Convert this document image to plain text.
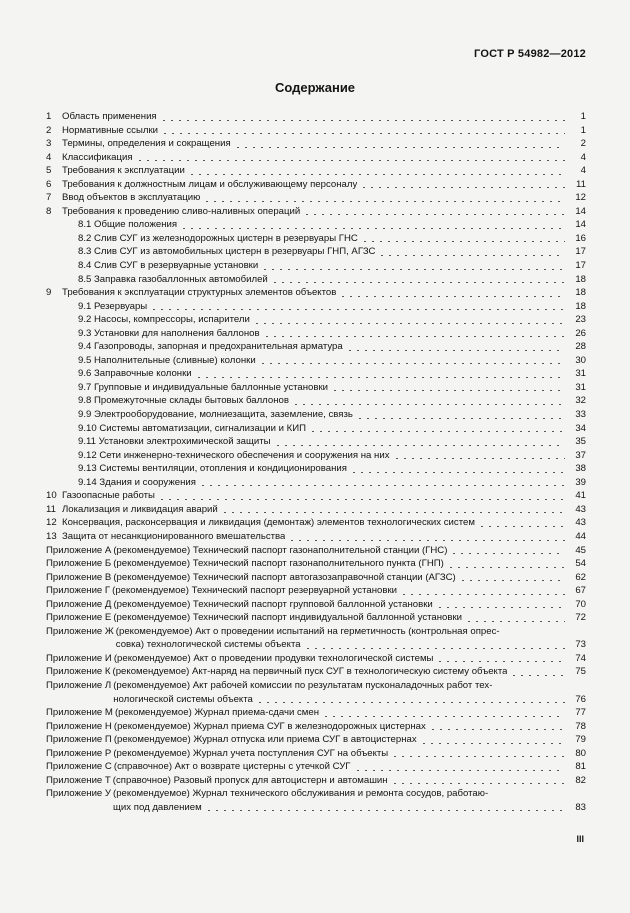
ГОСТ Р 54982—2012
Содержание
1	Область применения	1
2	Нормативные ссылки	1
3	Термины, определения и сокращения	2
4	Классификация	4
5	Требования к эксплуатации	4
6	Требования к должностным лицам и обслуживающему персоналу	11
7	Ввод объектов в эксплуатацию	12
8	Требования к проведению сливо-наливных операций	14
8.1 Общие положения	14
8.2 Слив СУГ из железнодорожных цистерн в резервуары ГНС	16
8.3 Слив СУГ из автомобильных цистерн в резервуары ГНП, АГЗС	17
8.4 Слив СУГ в резервуарные установки	17
8.5 Заправка газобаллонных автомобилей	18
9	Требования к эксплуатации структурных элементов объектов	18
9.1 Резервуары	18
9.2 Насосы, компрессоры, испарители	23
9.3 Установки для наполнения баллонов	26
9.4 Газопроводы, запорная и предохранительная арматура	28
9.5 Наполнительные (сливные) колонки	30
9.6 Заправочные колонки	31
9.7 Групповые и индивидуальные баллонные установки	31
9.8 Промежуточные склады бытовых баллонов	32
9.9 Электрооборудование, молниезащита, заземление, связь	33
9.10 Системы автоматизации, сигнализации и КИП	34
9.11 Установки электрохимической защиты	35
9.12 Сети инженерно-технического обеспечения и сооружения на них	37
9.13 Системы вентиляции, отопления и кондиционирования	38
9.14 Здания и сооружения	39
10 Газоопасные работы	41
11 Локализация и ликвидация аварий	43
12 Консервация, расконсервация и ликвидация (демонтаж) элементов технологических систем	43
13 Защита от несанкционированного вмешательства	44
Приложение А (рекомендуемое) Технический паспорт газонаполнительной станции (ГНС)	45
Приложение Б (рекомендуемое) Технический паспорт газонаполнительного пункта (ГНП)	54
Приложение В (рекомендуемое) Технический паспорт автогазозаправочной станции (АГЗС)	62
Приложение Г (рекомендуемое) Технический паспорт резервуарной установки	67
Приложение Д (рекомендуемое) Технический паспорт групповой баллонной установки	70
Приложение Е (рекомендуемое) Технический паспорт индивидуальной баллонной установки	72
Приложение Ж (рекомендуемое) Акт о проведении испытаний на герметичность (контрольная опрес-
совка) технологической системы объекта	73
Приложение И (рекомендуемое) Акт о проведении продувки технологической системы	74
Приложение К (рекомендуемое) Акт-наряд на первичный пуск СУГ в технологическую систему объекта	75
Приложение Л (рекомендуемое) Акт рабочей комиссии по результатам пусконаладочных работ тех-
нологической системы объекта	76
Приложение М (рекомендуемое) Журнал приема-сдачи смен	77
Приложение Н (рекомендуемое) Журнал приема СУГ в железнодорожных цистернах	78
Приложение П (рекомендуемое) Журнал отпуска или приема СУГ в автоцистернах	79
Приложение Р (рекомендуемое) Журнал учета поступления СУГ на объекты	80
Приложение С (справочное) Акт о возврате цистерны с утечкой СУГ	81
Приложение Т (справочное) Разовый пропуск для автоцистерн и автомашин	82
Приложение У (рекомендуемое) Журнал технического обслуживания и ремонта сосудов, работаю-
щих под давлением	83
III
